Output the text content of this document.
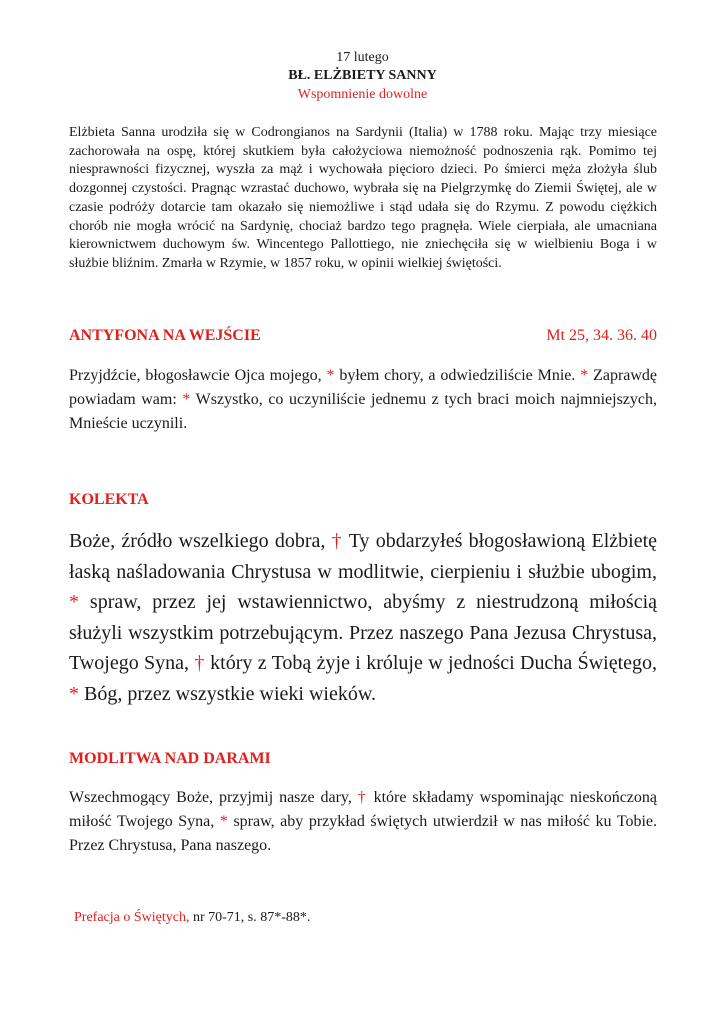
17 lutego
BŁ. ELŻBIETY SANNY
Wspomnienie dowolne

Elżbieta Sanna urodziła się w Codrongianos na Sardynii (Italia) w 1788 roku. Mając trzy miesiące zachorowała na ospę, której skutkiem była całożyciowa niemożność podnoszenia rąk. Pomimo tej niesprawności fizycznej, wyszła za mąż i wychowała pięcioro dzieci. Po śmierci męża złożyła ślub dozgonnej czystości. Pragnąc wzrastać duchowo, wybrała się na Pielgrzymkę do Ziemii Świętej, ale w czasie podróży dotarcie tam okazało się niemożliwe i stąd udała się do Rzymu. Z powodu ciężkich chorób nie mogła wrócić na Sardynię, chociaż bardzo tego pragnęła. Wiele cierpiała, ale umacniana kierownictwem duchowym św. Wincentego Pallottiego, nie zniechęciła się w wielbieniu Boga i w służbie bliźnim. Zmarła w Rzymie, w 1857 roku, w opinii wielkiej świętości.

ANTYFONA NA WEJŚCIE	Mt 25, 34. 36. 40

Przyjdźcie, błogosławcie Ojca mojego, * byłem chory, a odwiedziliście Mnie. * Zaprawdę powiadam wam: * Wszystko, co uczyniliście jednemu z tych braci moich najmniejszych, Mnieście uczynili.

KOLEKTA

Boże, źródło wszelkiego dobra, † Ty obdarzyłeś błogosławioną Elżbietę łaską naśladowania Chrystusa w modlitwie, cierpieniu i służbie ubogim, * spraw, przez jej wstawiennictwo, abyśmy z niestrudzoną miłością służyli wszystkim potrzebującym. Przez naszego Pana Jezusa Chrystusa, Twojego Syna, † który z Tobą żyje i króluje w jedności Ducha Świętego, * Bóg, przez wszystkie wieki wieków.

MODLITWA NAD DARAMI

Wszechmogący Boże, przyjmij nasze dary, † które składamy wspominając nieskończoną miłość Twojego Syna, * spraw, aby przykład świętych utwierdził w nas miłość ku Tobie. Przez Chrystusa, Pana naszego.

Prefacja o Świętych, nr 70-71, s. 87*-88*.
